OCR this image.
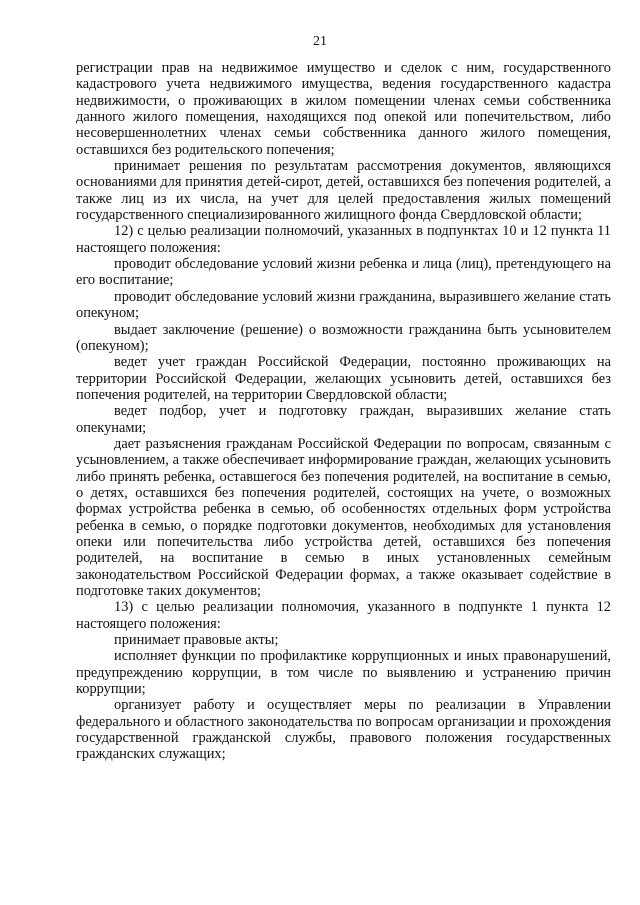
21

регистрации прав на недвижимое имущество и сделок с ним, государственного кадастрового учета недвижимого имущества, ведения государственного кадастра недвижимости, о проживающих в жилом помещении членах семьи собственника данного жилого помещения, находящихся под опекой или попечительством, либо несовершеннолетних членах семьи собственника данного жилого помещения, оставшихся без родительского попечения;

принимает решения по результатам рассмотрения документов, являющихся основаниями для принятия детей-сирот, детей, оставшихся без попечения родителей, а также лиц из их числа, на учет для целей предоставления жилых помещений государственного специализированного жилищного фонда Свердловской области;

12) с целью реализации полномочий, указанных в подпунктах 10 и 12 пункта 11 настоящего положения:

проводит обследование условий жизни ребенка и лица (лиц), претендующего на его воспитание;

проводит обследование условий жизни гражданина, выразившего желание стать опекуном;

выдает заключение (решение) о возможности гражданина быть усыновителем (опекуном);

ведет учет граждан Российской Федерации, постоянно проживающих на территории Российской Федерации, желающих усыновить детей, оставшихся без попечения родителей, на территории Свердловской области;

ведет подбор, учет и подготовку граждан, выразивших желание стать опекунами;

дает разъяснения гражданам Российской Федерации по вопросам, связанным с усыновлением, а также обеспечивает информирование граждан, желающих усыновить либо принять ребенка, оставшегося без попечения родителей, на воспитание в семью, о детях, оставшихся без попечения родителей, состоящих на учете, о возможных формах устройства ребенка в семью, об особенностях отдельных форм устройства ребенка в семью, о порядке подготовки документов, необходимых для установления опеки или попечительства либо устройства детей, оставшихся без попечения родителей, на воспитание в семью в иных установленных семейным законодательством Российской Федерации формах, а также оказывает содействие в подготовке таких документов;

13) с целью реализации полномочия, указанного в подпункте 1 пункта 12 настоящего положения:

принимает правовые акты;

исполняет функции по профилактике коррупционных и иных правонарушений, предупреждению коррупции, в том числе по выявлению и устранению причин коррупции;

организует работу и осуществляет меры по реализации в Управлении федерального и областного законодательства по вопросам организации и прохождения государственной гражданской службы, правового положения государственных гражданских служащих;
